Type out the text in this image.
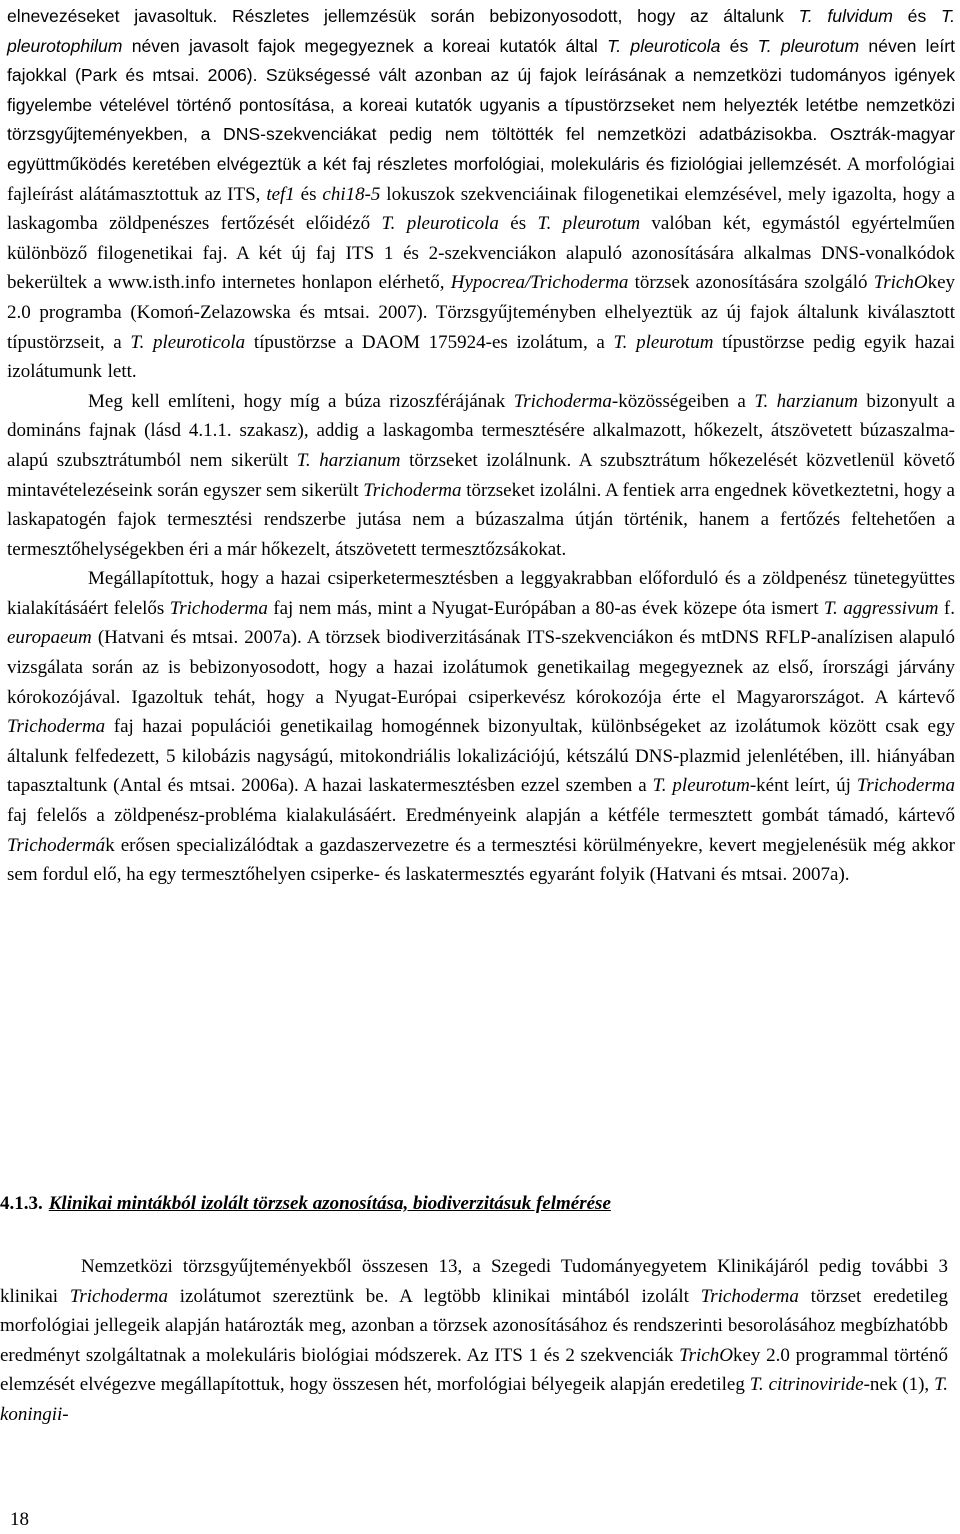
elnevezéseket javasoltuk. Részletes jellemzésük során bebizonyosodott, hogy az általunk T. fulvidum és T. pleurotophilum néven javasolt fajok megegyeznek a koreai kutatók által T. pleuroticola és T. pleurotum néven leírt fajokkal (Park és mtsai. 2006). Szükségessé vált azonban az új fajok leírásának a nemzetközi tudományos igények figyelembe vételével történő pontosítása, a koreai kutatók ugyanis a típustörzseket nem helyezték letétbe nemzetközi törzsgyűjteményekben, a DNS-szekvenciákat pedig nem töltötték fel nemzetközi adatbázisokba. Osztrák-magyar együttműködés keretében elvégeztük a két faj részletes morfológiai, molekuláris és fiziológiai jellemzését. A morfológiai fajleírást alátámasztottuk az ITS, tef1 és chi18-5 lokuszok szekvenciáinak filogenetikai elemzésével, mely igazolta, hogy a laskagomba zöldpenészes fertőzését előidéző T. pleuroticola és T. pleurotum valóban két, egymástól egyértelműen különböző filogenetikai faj. A két új faj ITS 1 és 2-szekvenciákon alapuló azonosítására alkalmas DNS-vonalkódok bekerültek a www.isth.info internetes honlapon elérhető, Hypocrea/Trichoderma törzsek azonosítására szolgáló TrichOkey 2.0 programba (Komoń-Zelazowska és mtsai. 2007). Törzsgyűjteményben elhelyeztük az új fajok általunk kiválasztott típustörzseit, a T. pleuroticola típustörzse a DAOM 175924-es izolátum, a T. pleurotum típustörzse pedig egyik hazai izolátumunk lett.

Meg kell említeni, hogy míg a búza rizoszférájának Trichoderma-közösségeiben a T. harzianum bizonyult a domináns fajnak (lásd 4.1.1. szakasz), addig a laskagomba termesztésére alkalmazott, hőkezelt, átszövetett búzaszalma-alapú szubsztrátumból nem sikerült T. harzianum törzseket izolálnunk. A szubsztrátum hőkezelését közvetlenül követő mintavételezéseink során egyszer sem sikerült Trichoderma törzseket izolálni. A fentiek arra engednek következtetni, hogy a laskapatogén fajok termesztési rendszerbe jutása nem a búzaszalma útján történik, hanem a fertőzés feltehetően a termesztőhelységekben éri a már hőkezelt, átszövetett termesztőzsákokat.

Megállapítottuk, hogy a hazai csiperketermesztésben a leggyakrabban előforduló és a zöldpenész tünetegyüttes kialakításáért felelős Trichoderma faj nem más, mint a Nyugat-Európában a 80-as évek közepe óta ismert T. aggressivum f. europaeum (Hatvani és mtsai. 2007a). A törzsek biodiverzitásának ITS-szekvenciákon és mtDNS RFLP-analízisen alapuló vizsgálata során az is bebizonyosodott, hogy a hazai izolátumok genetikailag megegyeznek az első, írországi járvány kórokozójával. Igazoltuk tehát, hogy a Nyugat-Európai csiperkevész kórokozója érte el Magyarországot. A kártevő Trichoderma faj hazai populációi genetikailag homogénnek bizonyultak, különbségeket az izolátumok között csak egy általunk felfedezett, 5 kilobázis nagyságú, mitokondriális lokalizációjú, kétszálú DNS-plazmid jelenlétében, ill. hiányában tapasztaltunk (Antal és mtsai. 2006a). A hazai laskatermesztésben ezzel szemben a T. pleurotum-ként leírt, új Trichoderma faj felelős a zöldpenész-probléma kialakulásáért. Eredményeink alapján a kétféle termesztett gombát támadó, kártevő Trichodermák erősen specializálódtak a gazdaszervezetre és a termesztési körülményekre, kevert megjelenésük még akkor sem fordul elő, ha egy termesztőhelyen csiperke- és laskatermesztés egyaránt folyik (Hatvani és mtsai. 2007a).

4.1.3. Klinikai mintákból izolált törzsek azonosítása, biodiverzitásuk felmérése

Nemzetközi törzsgyűjteményekből összesen 13, a Szegedi Tudományegyetem Klinikájáról pedig további 3 klinikai Trichoderma izolátumot szereztünk be. A legtöbb klinikai mintából izolált Trichoderma törzset eredetileg morfológiai jellegeik alapján határozták meg, azonban a törzsek azonosításához és rendszerinti besorolásához megbízhatóbb eredményt szolgáltatnak a molekuláris biológiai módszerek. Az ITS 1 és 2 szekvenciák TrichOkey 2.0 programmal történő elemzését elvégezve megállapítottuk, hogy összesen hét, morfológiai bélyegeik alapján eredetileg T. citrinoviride-nek (1), T. koningii-

18
